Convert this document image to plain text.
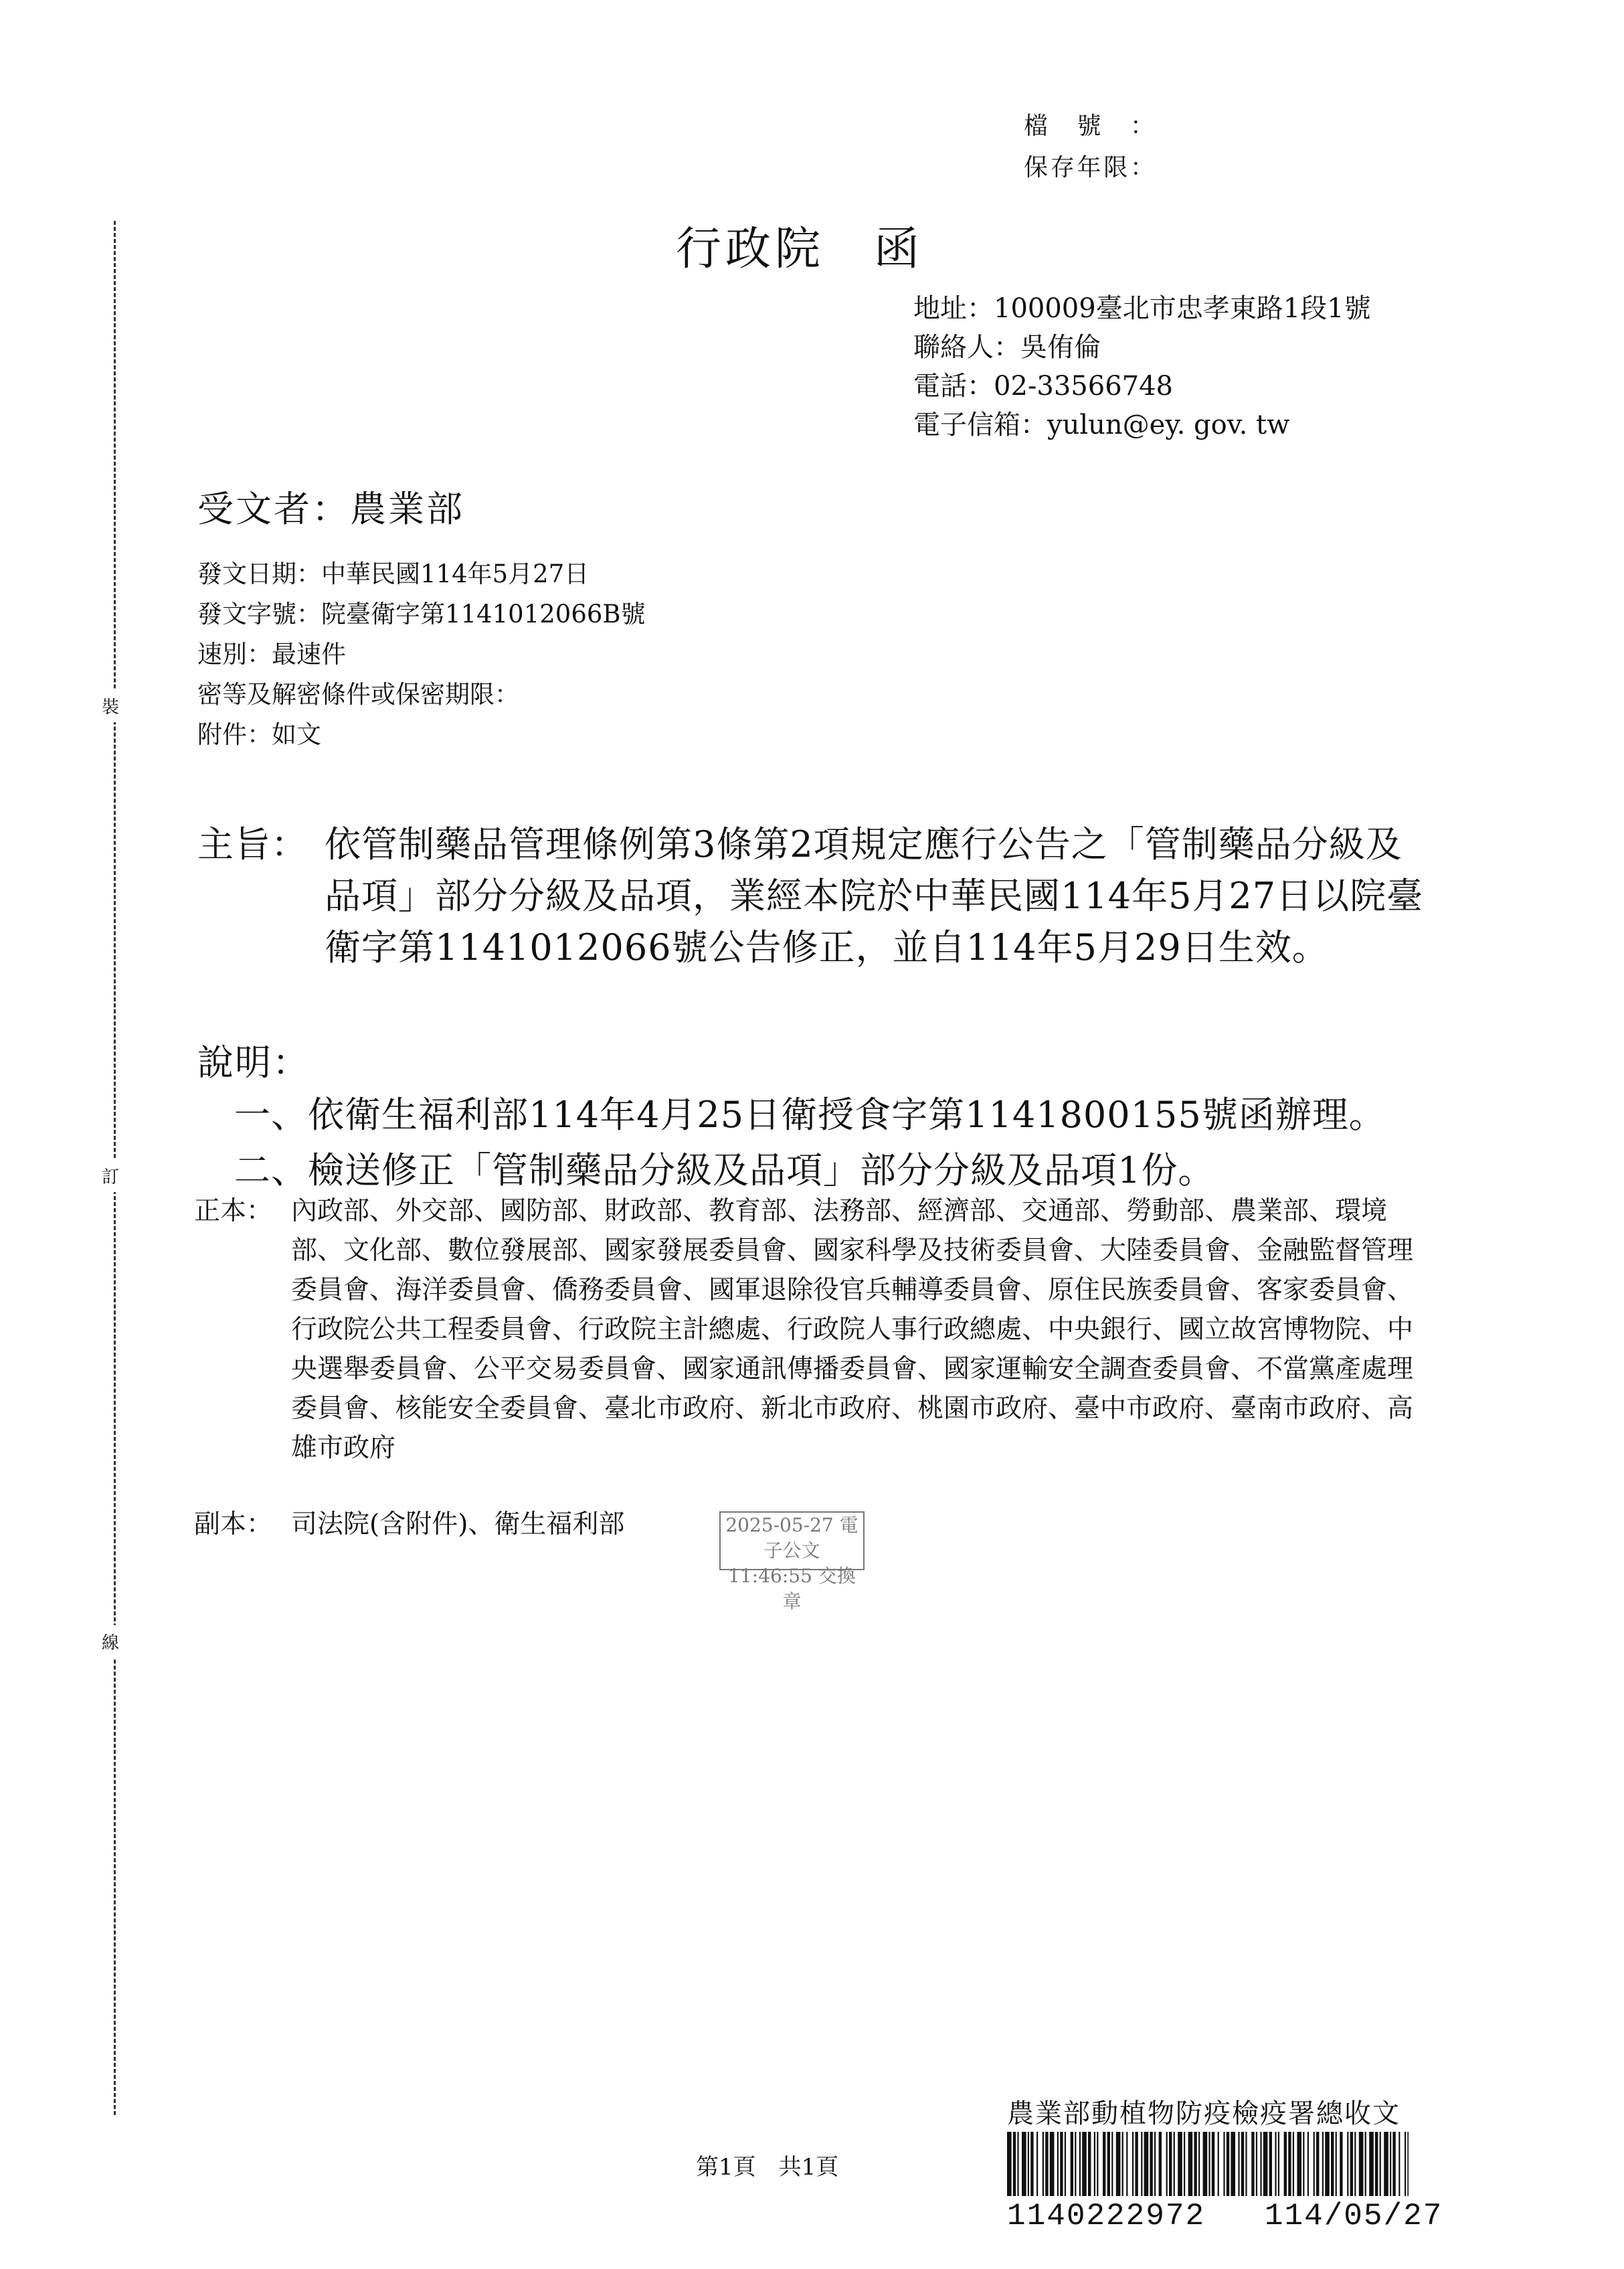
裝
訂
線
檔號：
保存年限：
行政院　函
地址：100009臺北市忠孝東路1段1號
聯絡人：吳侑倫
電話：02-33566748
電子信箱：yulun@ey. gov. tw
受文者：農業部
發文日期：中華民國114年5月27日
發文字號：院臺衛字第1141012066B號
速別：最速件
密等及解密條件或保密期限：
附件：如文
主旨： 依管制藥品管理條例第3條第2項規定應行公告之「管制藥品分級及品項」部分分級及品項，業經本院於中華民國114年5月27日以院臺衛字第1141012066號公告修正，並自114年5月29日生效。
說明：
一、依衛生福利部114年4月25日衛授食字第1141800155號函辦理。
二、檢送修正「管制藥品分級及品項」部分分級及品項1份。
正本： 內政部、外交部、國防部、財政部、教育部、法務部、經濟部、交通部、勞動部、農業部、環境部、文化部、數位發展部、國家發展委員會、國家科學及技術委員會、大陸委員會、金融監督管理委員會、海洋委員會、僑務委員會、國軍退除役官兵輔導委員會、原住民族委員會、客家委員會、行政院公共工程委員會、行政院主計總處、行政院人事行政總處、中央銀行、國立故宮博物院、中央選舉委員會、公平交易委員會、國家通訊傳播委員會、國家運輸安全調查委員會、不當黨產處理委員會、核能安全委員會、臺北市政府、新北市政府、桃園市政府、臺中市政府、臺南市政府、高雄市政府
副本： 司法院(含附件)、衛生福利部	2025-05-27 電子公文
11:46:55 交換章
第1頁　共1頁
農業部動植物防疫檢疫署總收文
1140222972 114/05/27
